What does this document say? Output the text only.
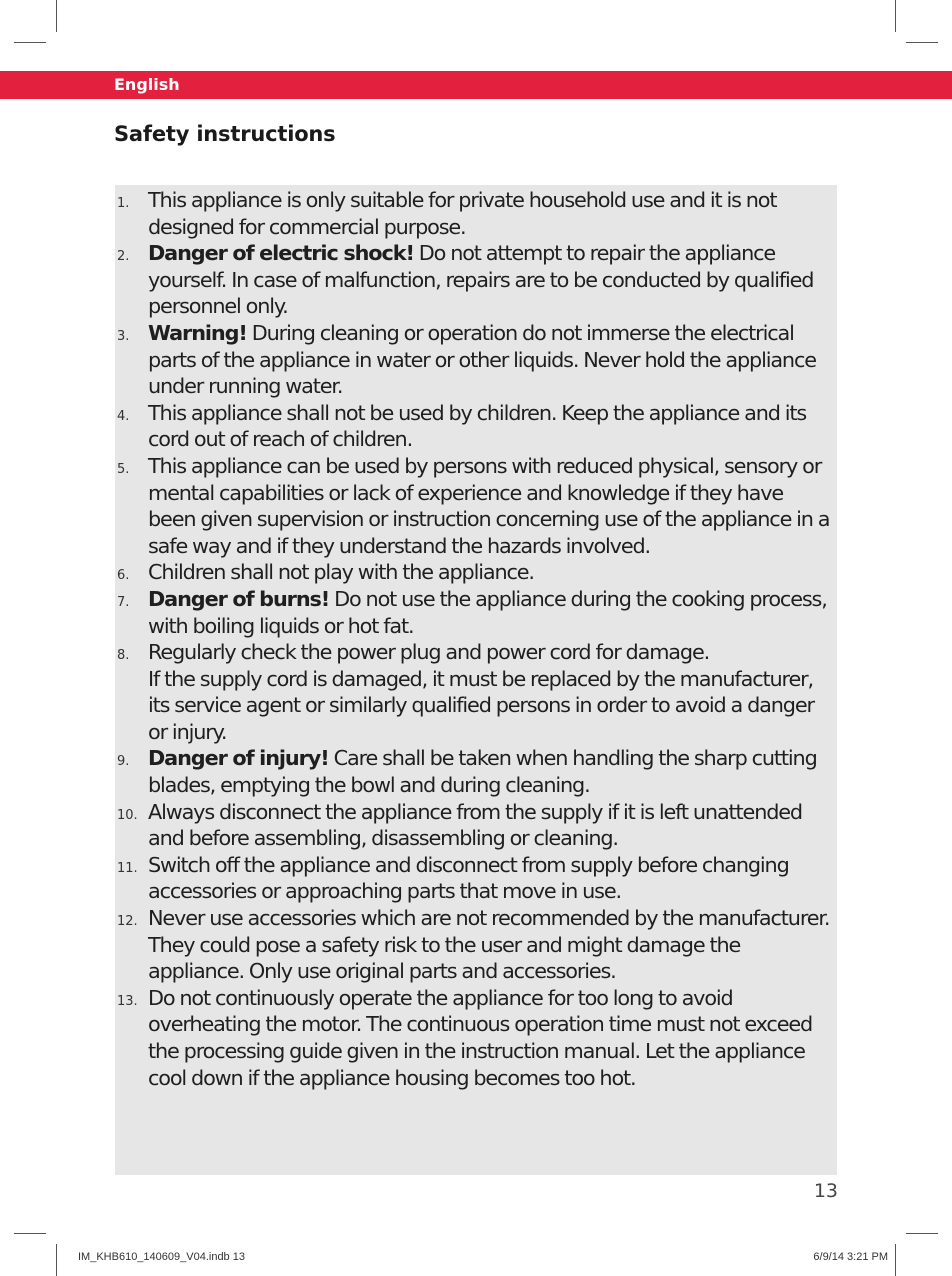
English
Safety instructions
1. This appliance is only suitable for private household use and it is not designed for commercial purpose.
2. Danger of electric shock! Do not attempt to repair the appliance yourself. In case of malfunction, repairs are to be conducted by qualified personnel only.
3. Warning! During cleaning or operation do not immerse the electrical parts of the appliance in water or other liquids. Never hold the appliance under running water.
4. This appliance shall not be used by children. Keep the appliance and its cord out of reach of children.
5. This appliance can be used by persons with reduced physical, sensory or mental capabilities or lack of experience and knowledge if they have been given supervision or instruction concerning use of the appliance in a safe way and if they understand the hazards involved.
6. Children shall not play with the appliance.
7. Danger of burns! Do not use the appliance during the cooking process, with boiling liquids or hot fat.
8. Regularly check the power plug and power cord for damage.
If the supply cord is damaged, it must be replaced by the manufacturer, its service agent or similarly qualified persons in order to avoid a danger or injury.
9. Danger of injury! Care shall be taken when handling the sharp cutting blades, emptying the bowl and during cleaning.
10. Always disconnect the appliance from the supply if it is left unattended and before assembling, disassembling or cleaning.
11. Switch off the appliance and disconnect from supply before changing accessories or approaching parts that move in use.
12. Never use accessories which are not recommended by the manufacturer. They could pose a safety risk to the user and might damage the appliance. Only use original parts and accessories.
13. Do not continuously operate the appliance for too long to avoid overheating the motor. The continuous operation time must not exceed the processing guide given in the instruction manual. Let the appliance cool down if the appliance housing becomes too hot.
13
IM_KHB610_140609_V04.indb 13	6/9/14 3:21 PM
